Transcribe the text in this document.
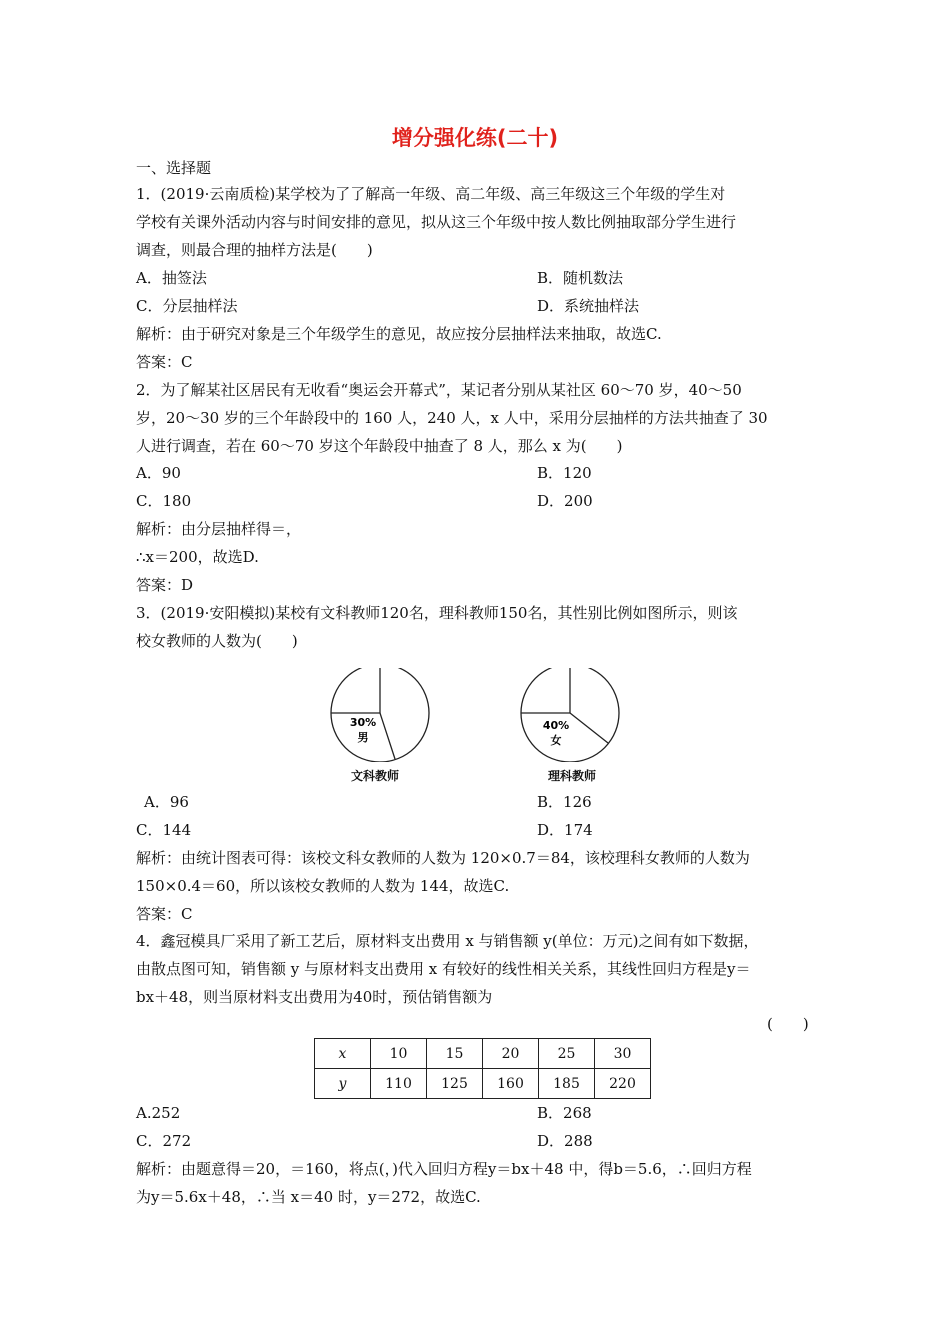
增分强化练(二十)
一、选择题
1．(2019·云南质检)某学校为了了解高一年级、高二年级、高三年级这三个年级的学生对
学校有关课外活动内容与时间安排的意见，拟从这三个年级中按人数比例抽取部分学生进行
调查，则最合理的抽样方法是(　　)
A．抽签法	B．随机数法
C．分层抽样法	D．系统抽样法
解析：由于研究对象是三个年级学生的意见，故应按分层抽样法来抽取，故选C.
答案：C
2．为了解某社区居民有无收看“奥运会开幕式”，某记者分别从某社区 60～70 岁，40～50
岁，20～30 岁的三个年龄段中的 160 人，240 人，x 人中，采用分层抽样的方法共抽查了 30
人进行调查，若在 60～70 岁这个年龄段中抽查了 8 人，那么 x 为(　　)
A．90	B．120
C．180	D．200
解析：由分层抽样得＝，
∴x＝200，故选D.
答案：D
3．(2019·安阳模拟)某校有文科教师120名，理科教师150名，其性别比例如图所示，则该
校女教师的人数为(　　)
30%
男
文科教师
40%
女
理科教师
A．96	B．126
C．144	D．174
解析：由统计图表可得：该校文科女教师的人数为 120×0.7＝84，该校理科女教师的人数为
150×0.4＝60，所以该校女教师的人数为 144，故选C.
答案：C
4．鑫冠模具厂采用了新工艺后，原材料支出费用 x 与销售额 y(单位：万元)之间有如下数据，
由散点图可知，销售额 y 与原材料支出费用 x 有较好的线性相关关系，其线性回归方程是y＝
bx＋48，则当原材料支出费用为40时，预估销售额为
(　　)
x	10	15	20	25	30
y	110	125	160	185	220
A.252	B．268
C．272	D．288
解析：由题意得＝20，＝160，将点(，)代入回归方程y＝bx＋48 中，得b＝5.6，∴回归方程
为y＝5.6x＋48，∴当 x＝40 时，y＝272，故选C.
